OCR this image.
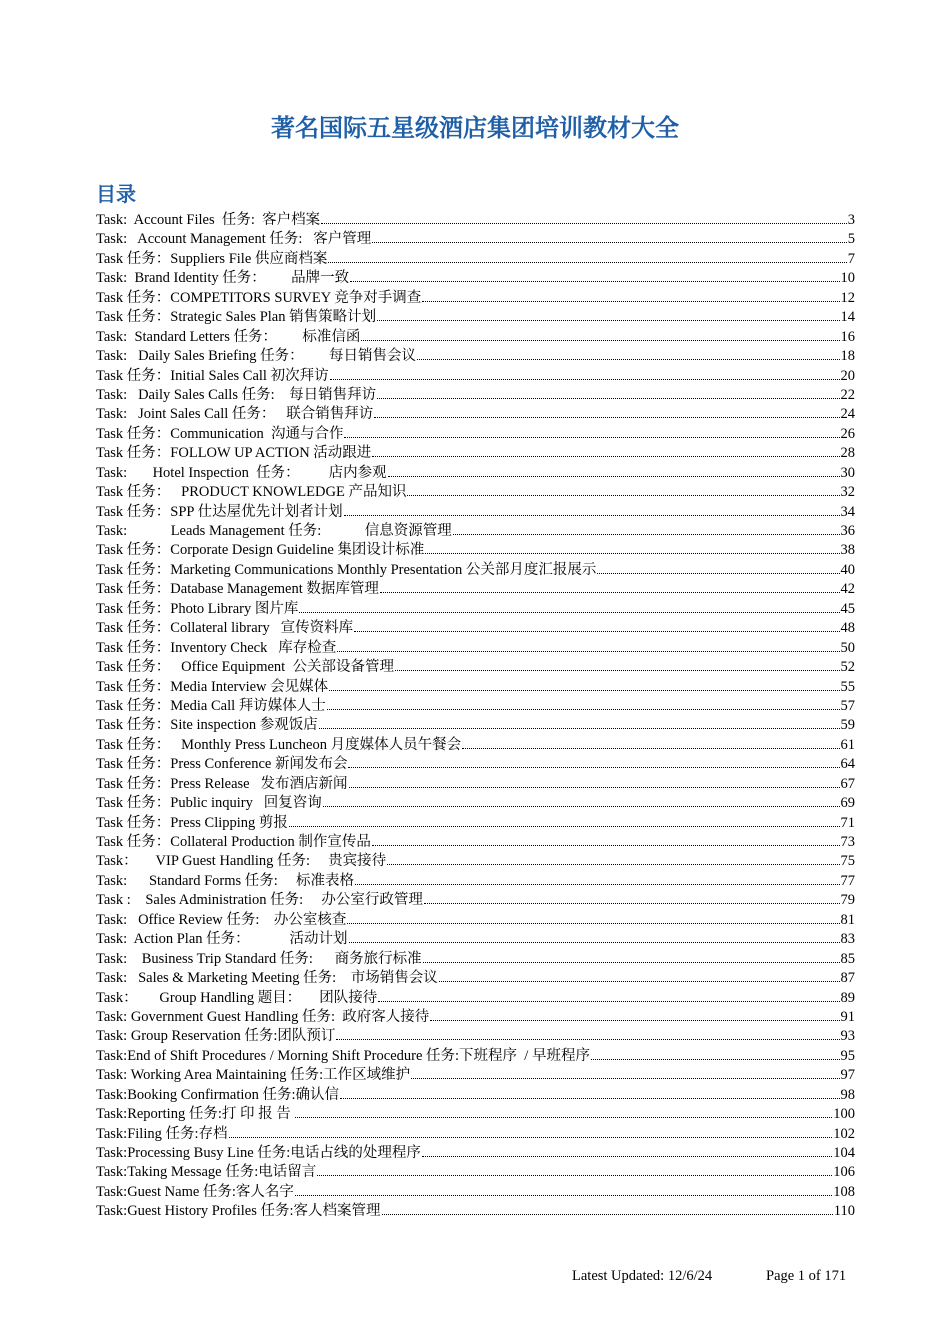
著名国际五星级酒店集团培训教材大全
目录
Task:  Account Files  任务:  客户档案	3
Task:   Account Management 任务:   客户管理	5
Task 任务：Suppliers File 供应商档案	7
Task:  Brand Identity 任务：       品牌一致	10
Task 任务：COMPETITORS SURVEY 竞争对手调查	12
Task 任务：Strategic Sales Plan 销售策略计划	14
Task:  Standard Letters 任务：       标准信函	16
Task:   Daily Sales Briefing 任务：       每日销售会议	18
Task 任务：Initial Sales Call 初次拜访	20
Task:   Daily Sales Calls 任务:    每日销售拜访	22
Task:   Joint Sales Call 任务：   联合销售拜访	24
Task 任务：Communication  沟通与合作	26
Task 任务：FOLLOW UP ACTION 活动跟进	28
Task:       Hotel Inspection  任务：        店内参观	30
Task 任务：   PRODUCT KNOWLEDGE 产品知识	32
Task 任务：SPP 仕达屋优先计划者计划	34
Task:            Leads Management 任务:            信息资源管理	36
Task 任务：Corporate Design Guideline 集团设计标准	38
Task 任务：Marketing Communications Monthly Presentation 公关部月度汇报展示	40
Task 任务：Database Management 数据库管理	42
Task 任务：Photo Library 图片库	45
Task 任务：Collateral library   宣传资料库	48
Task 任务：Inventory Check   库存检查	50
Task 任务：   Office Equipment  公关部设备管理	52
Task 任务：Media Interview 会见媒体	55
Task 任务：Media Call 拜访媒体人士	57
Task 任务：Site inspection 参观饭店	59
Task 任务：   Monthly Press Luncheon 月度媒体人员午餐会	61
Task 任务：Press Conference 新闻发布会	64
Task 任务：Press Release   发布酒店新闻	67
Task 任务：Public inquiry   回复咨询	69
Task 任务：Press Clipping 剪报	71
Task 任务：Collateral Production 制作宣传品	73
Task：     VIP Guest Handling 任务:     贵宾接待	75
Task:      Standard Forms 任务:     标准表格	77
Task :    Sales Administration 任务:     办公室行政管理	79
Task:   Office Review 任务:    办公室核查	81
Task:  Action Plan 任务：           活动计划	83
Task:    Business Trip Standard 任务:      商务旅行标准	85
Task:   Sales & Marketing Meeting 任务:    市场销售会议	87
Task：      Group Handling 题目：     团队接待	89
Task: Government Guest Handling 任务:  政府客人接待	91
Task: Group Reservation 任务:团队预订	93
Task:End of Shift Procedures / Morning Shift Procedure 任务:下班程序  / 早班程序	95
Task: Working Area Maintaining 任务:工作区域维护	97
Task:Booking Confirmation 任务:确认信	98
Task:Reporting 任务:打 印 报 告	100
Task:Filing 任务:存档	102
Task:Processing Busy Line 任务:电话占线的处理程序	104
Task:Taking Message 任务:电话留言	106
Task:Guest Name 任务:客人名字	108
Task:Guest History Profiles 任务:客人档案管理	110
Latest Updated: 12/6/24	Page 1 of 171
